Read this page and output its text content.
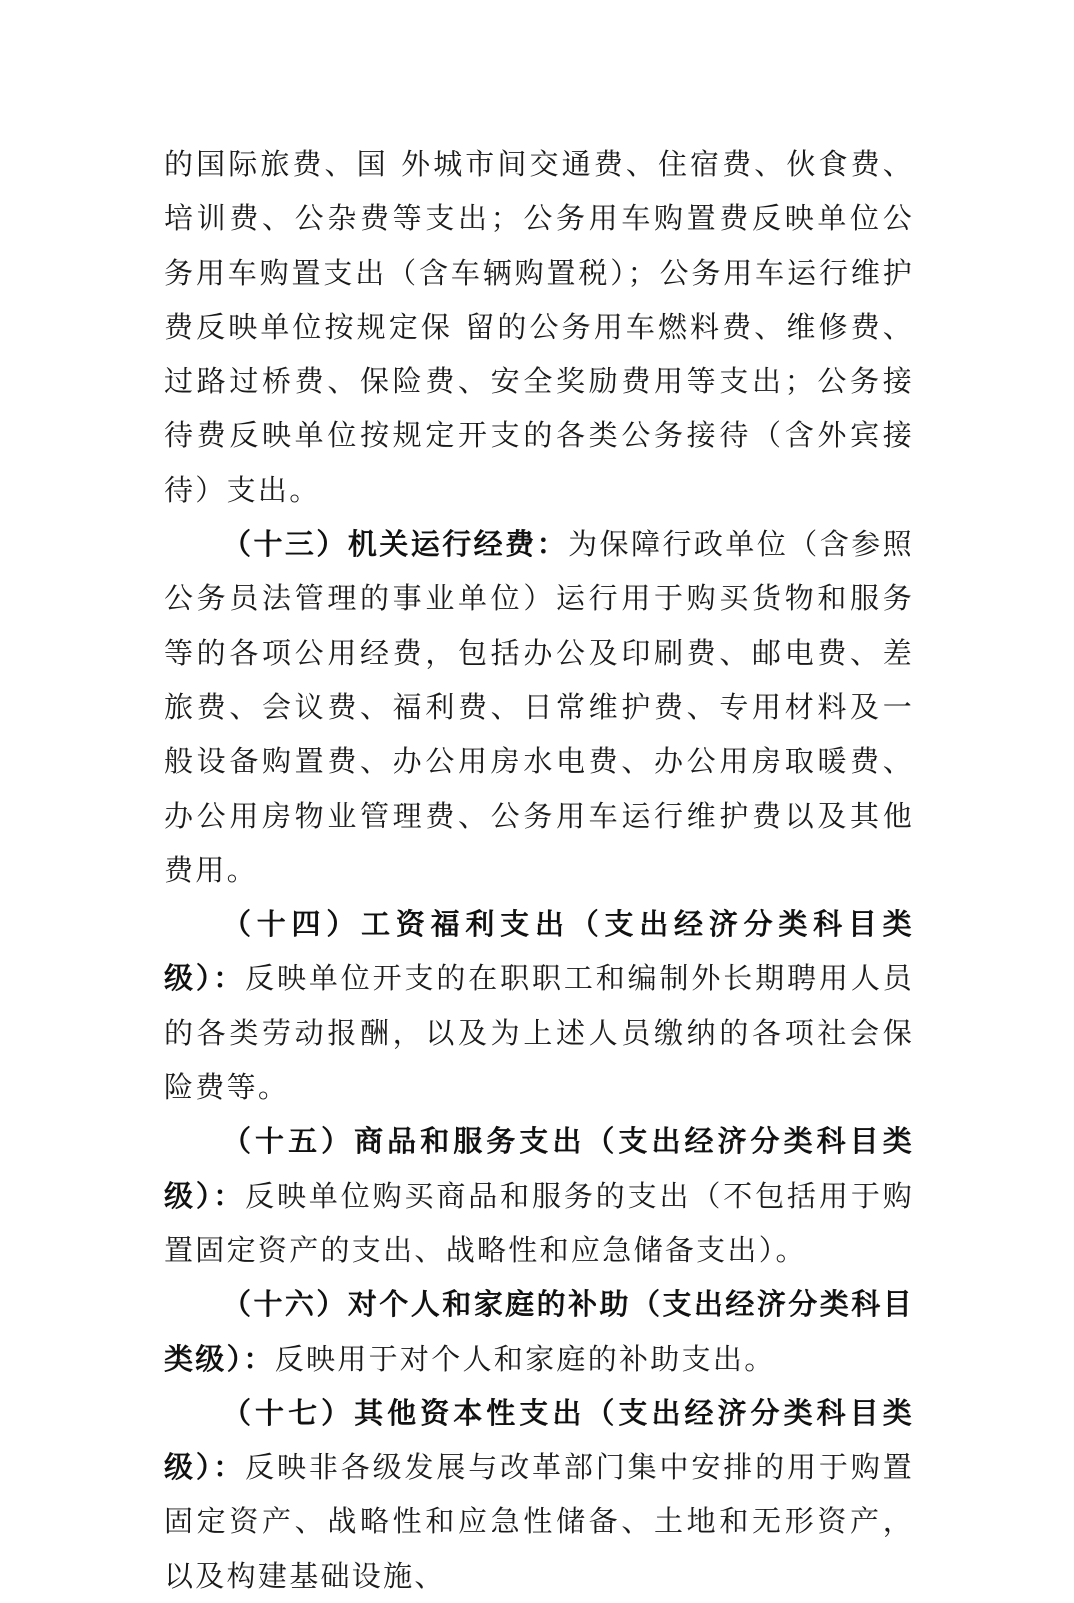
的国际旅费、国 外城市间交通费、住宿费、伙食费、培训费、公杂费等支出；公务用车购置费反映单位公务用车购置支出（含车辆购置税）；公务用车运行维护费反映单位按规定保 留的公务用车燃料费、维修费、过路过桥费、保险费、安全奖励费用等支出；公务接待费反映单位按规定开支的各类公务接待（含外宾接待）支出。

（十三）机关运行经费：为保障行政单位（含参照公务员法管理的事业单位）运行用于购买货物和服务等的各项公用经费，包括办公及印刷费、邮电费、差旅费、会议费、福利费、日常维护费、专用材料及一般设备购置费、办公用房水电费、办公用房取暖费、办公用房物业管理费、公务用车运行维护费以及其他费用。

（十四）工资福利支出（支出经济分类科目类级）：反映单位开支的在职职工和编制外长期聘用人员的各类劳动报酬，以及为上述人员缴纳的各项社会保险费等。

（十五）商品和服务支出（支出经济分类科目类级）：反映单位购买商品和服务的支出（不包括用于购置固定资产的支出、战略性和应急储备支出）。

（十六）对个人和家庭的补助（支出经济分类科目类级）：反映用于对个人和家庭的补助支出。

（十七）其他资本性支出（支出经济分类科目类级）：反映非各级发展与改革部门集中安排的用于购置固定资产、战略性和应急性储备、土地和无形资产，以及构建基础设施、
